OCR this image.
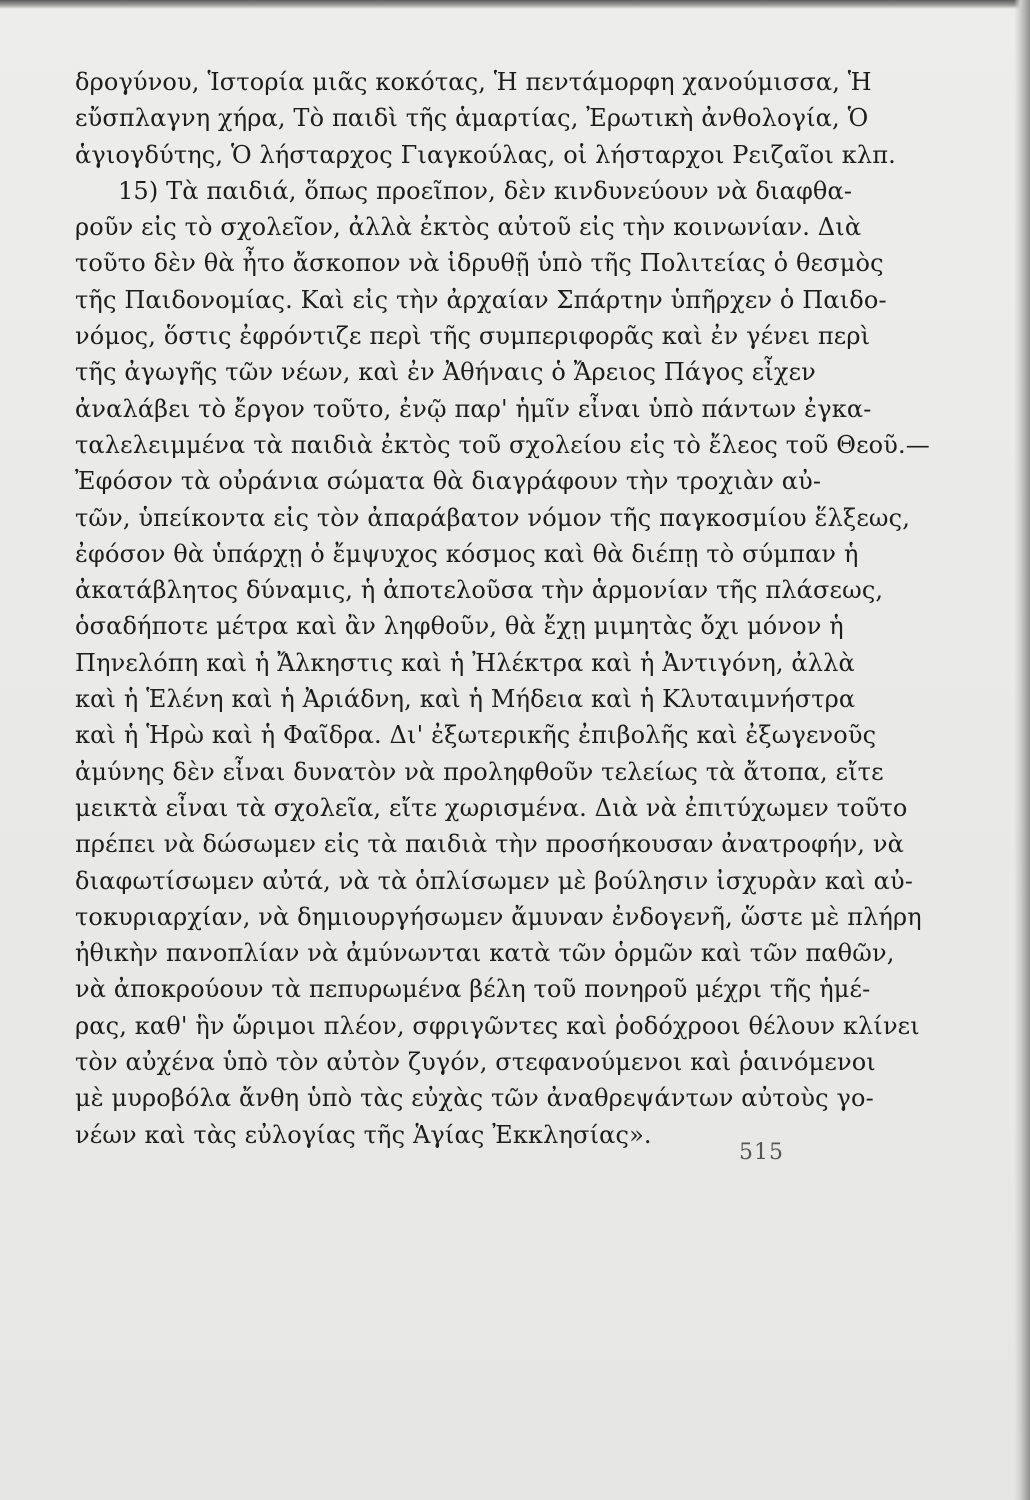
δρογύνου, Ἱστορία μιᾶς κοκότας, Ἡ πεντάμορφη χανούμισσα, Ἡ
εὔσπλαγνη χήρα, Τὸ παιδὶ τῆς ἁμαρτίας, Ἐρωτικὴ ἀνθολογία, Ὁ
ἁγιογδύτης, Ὁ λήσταρχος Γιαγκούλας, οἱ λήσταρχοι Ρειζαῖοι κλπ.
15) Τὰ παιδιά, ὅπως προεῖπον, δὲν κινδυνεύουν νὰ διαφθα-
ροῦν εἰς τὸ σχολεῖον, ἀλλὰ ἐκτὸς αὐτοῦ εἰς τὴν κοινωνίαν. Διὰ
τοῦτο δὲν θὰ ἦτο ἄσκοπον νὰ ἱδρυθῇ ὑπὸ τῆς Πολιτείας ὁ θεσμὸς
τῆς Παιδονομίας. Καὶ εἰς τὴν ἀρχαίαν Σπάρτην ὑπῆρχεν ὁ Παιδο-
νόμος, ὅστις ἐφρόντιζε περὶ τῆς συμπεριφορᾶς καὶ ἐν γένει περὶ
τῆς ἀγωγῆς τῶν νέων, καὶ ἐν Ἀθήναις ὁ Ἄρειος Πάγος εἶχεν
ἀναλάβει τὸ ἔργον τοῦτο, ἐνῷ παρ' ἡμῖν εἶναι ὑπὸ πάντων ἐγκα-
ταλελειμμένα τὰ παιδιὰ ἐκτὸς τοῦ σχολείου εἰς τὸ ἔλεος τοῦ Θεοῦ.—
Ἐφόσον τὰ οὐράνια σώματα θὰ διαγράφουν τὴν τροχιὰν αὐ-
τῶν, ὑπείκοντα εἰς τὸν ἀπαράβατον νόμον τῆς παγκοσμίου ἕλξεως,
ἐφόσον θὰ ὑπάρχῃ ὁ ἔμψυχος κόσμος καὶ θὰ διέπῃ τὸ σύμπαν ἡ
ἀκατάβλητος δύναμις, ἡ ἀποτελοῦσα τὴν ἁρμονίαν τῆς πλάσεως,
ὁσαδήποτε μέτρα καὶ ἂν ληφθοῦν, θὰ ἔχῃ μιμητὰς ὄχι μόνον ἡ
Πηνελόπη καὶ ἡ Ἄλκηστις καὶ ἡ Ἠλέκτρα καὶ ἡ Ἀντιγόνη, ἀλλὰ
καὶ ἡ Ἑλένη καὶ ἡ Ἀριάδνη, καὶ ἡ Μήδεια καὶ ἡ Κλυταιμνήστρα
καὶ ἡ Ἡρὼ καὶ ἡ Φαῖδρα. Δι' ἐξωτερικῆς ἐπιβολῆς καὶ ἐξωγενοῦς
ἀμύνης δὲν εἶναι δυνατὸν νὰ προληφθοῦν τελείως τὰ ἄτοπα, εἴτε
μεικτὰ εἶναι τὰ σχολεῖα, εἴτε χωρισμένα. Διὰ νὰ ἐπιτύχωμεν τοῦτο
πρέπει νὰ δώσωμεν εἰς τὰ παιδιὰ τὴν προσήκουσαν ἀνατροφήν, νὰ
διαφωτίσωμεν αὐτά, νὰ τὰ ὁπλίσωμεν μὲ βούλησιν ἰσχυρὰν καὶ αὐ-
τοκυριαρχίαν, νὰ δημιουργήσωμεν ἄμυναν ἐνδογενῆ, ὥστε μὲ πλήρη
ἠθικὴν πανοπλίαν νὰ ἀμύνωνται κατὰ τῶν ὁρμῶν καὶ τῶν παθῶν,
νὰ ἀποκρούουν τὰ πεπυρωμένα βέλη τοῦ πονηροῦ μέχρι τῆς ἡμέ-
ρας, καθ' ἣν ὥριμοι πλέον, σφριγῶντες καὶ ῥοδόχροοι θέλουν κλίνει
τὸν αὐχένα ὑπὸ τὸν αὐτὸν ζυγόν, στεφανούμενοι καὶ ῥαινόμενοι
μὲ μυροβόλα ἄνθη ὑπὸ τὰς εὐχὰς τῶν ἀναθρεψάντων αὐτοὺς γο-
νέων καὶ τὰς εὐλογίας τῆς Ἁγίας Ἐκκλησίας».
515
